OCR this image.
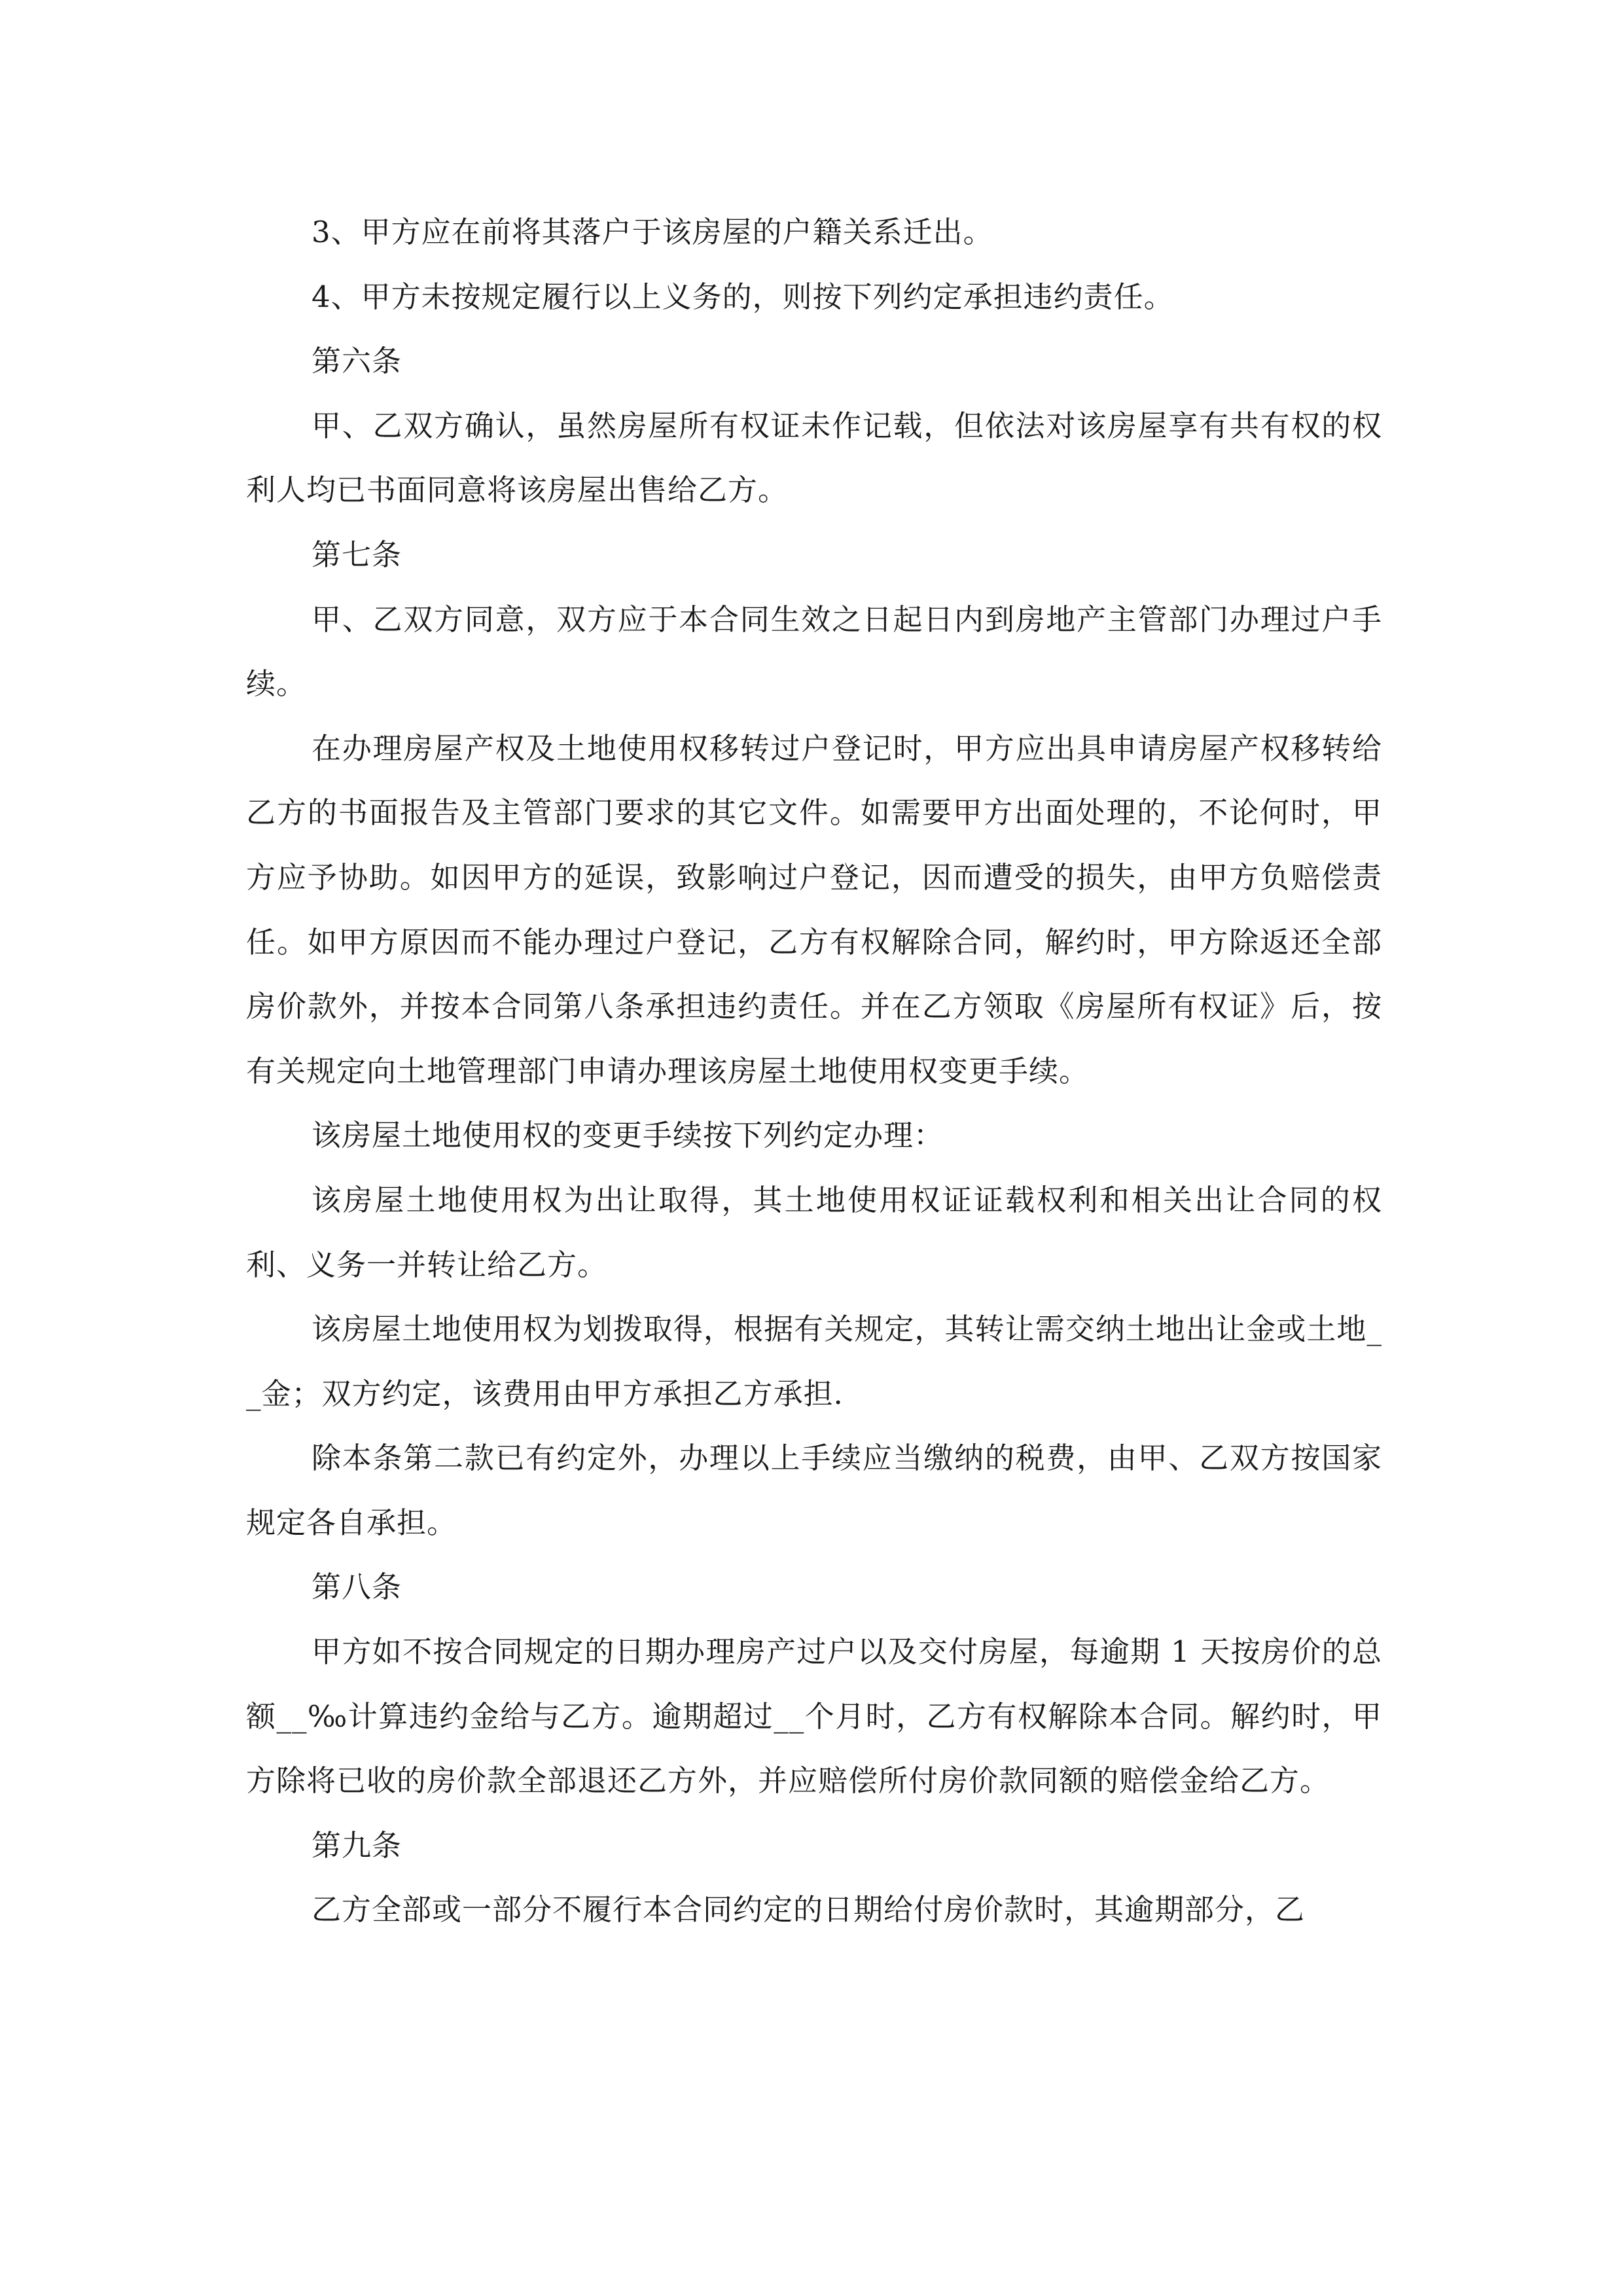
3、甲方应在前将其落户于该房屋的户籍关系迁出。

4、甲方未按规定履行以上义务的，则按下列约定承担违约责任。

第六条

甲、乙双方确认，虽然房屋所有权证未作记载，但依法对该房屋享有共有权的权利人均已书面同意将该房屋出售给乙方。

第七条

甲、乙双方同意，双方应于本合同生效之日起日内到房地产主管部门办理过户手续。

在办理房屋产权及土地使用权移转过户登记时，甲方应出具申请房屋产权移转给乙方的书面报告及主管部门要求的其它文件。如需要甲方出面处理的，不论何时，甲方应予协助。如因甲方的延误，致影响过户登记，因而遭受的损失，由甲方负赔偿责任。如甲方原因而不能办理过户登记，乙方有权解除合同，解约时，甲方除返还全部房价款外，并按本合同第八条承担违约责任。并在乙方领取《房屋所有权证》后，按有关规定向土地管理部门申请办理该房屋土地使用权变更手续。

该房屋土地使用权的变更手续按下列约定办理：

该房屋土地使用权为出让取得，其土地使用权证证载权利和相关出让合同的权利、义务一并转让给乙方。

该房屋土地使用权为划拨取得，根据有关规定，其转让需交纳土地出让金或土地__金；双方约定，该费用由甲方承担乙方承担.

除本条第二款已有约定外，办理以上手续应当缴纳的税费，由甲、乙双方按国家规定各自承担。

第八条

甲方如不按合同规定的日期办理房产过户以及交付房屋，每逾期 1 天按房价的总额__‰计算违约金给与乙方。逾期超过__个月时，乙方有权解除本合同。解约时，甲方除将已收的房价款全部退还乙方外，并应赔偿所付房价款同额的赔偿金给乙方。

第九条

乙方全部或一部分不履行本合同约定的日期给付房价款时，其逾期部分，乙
